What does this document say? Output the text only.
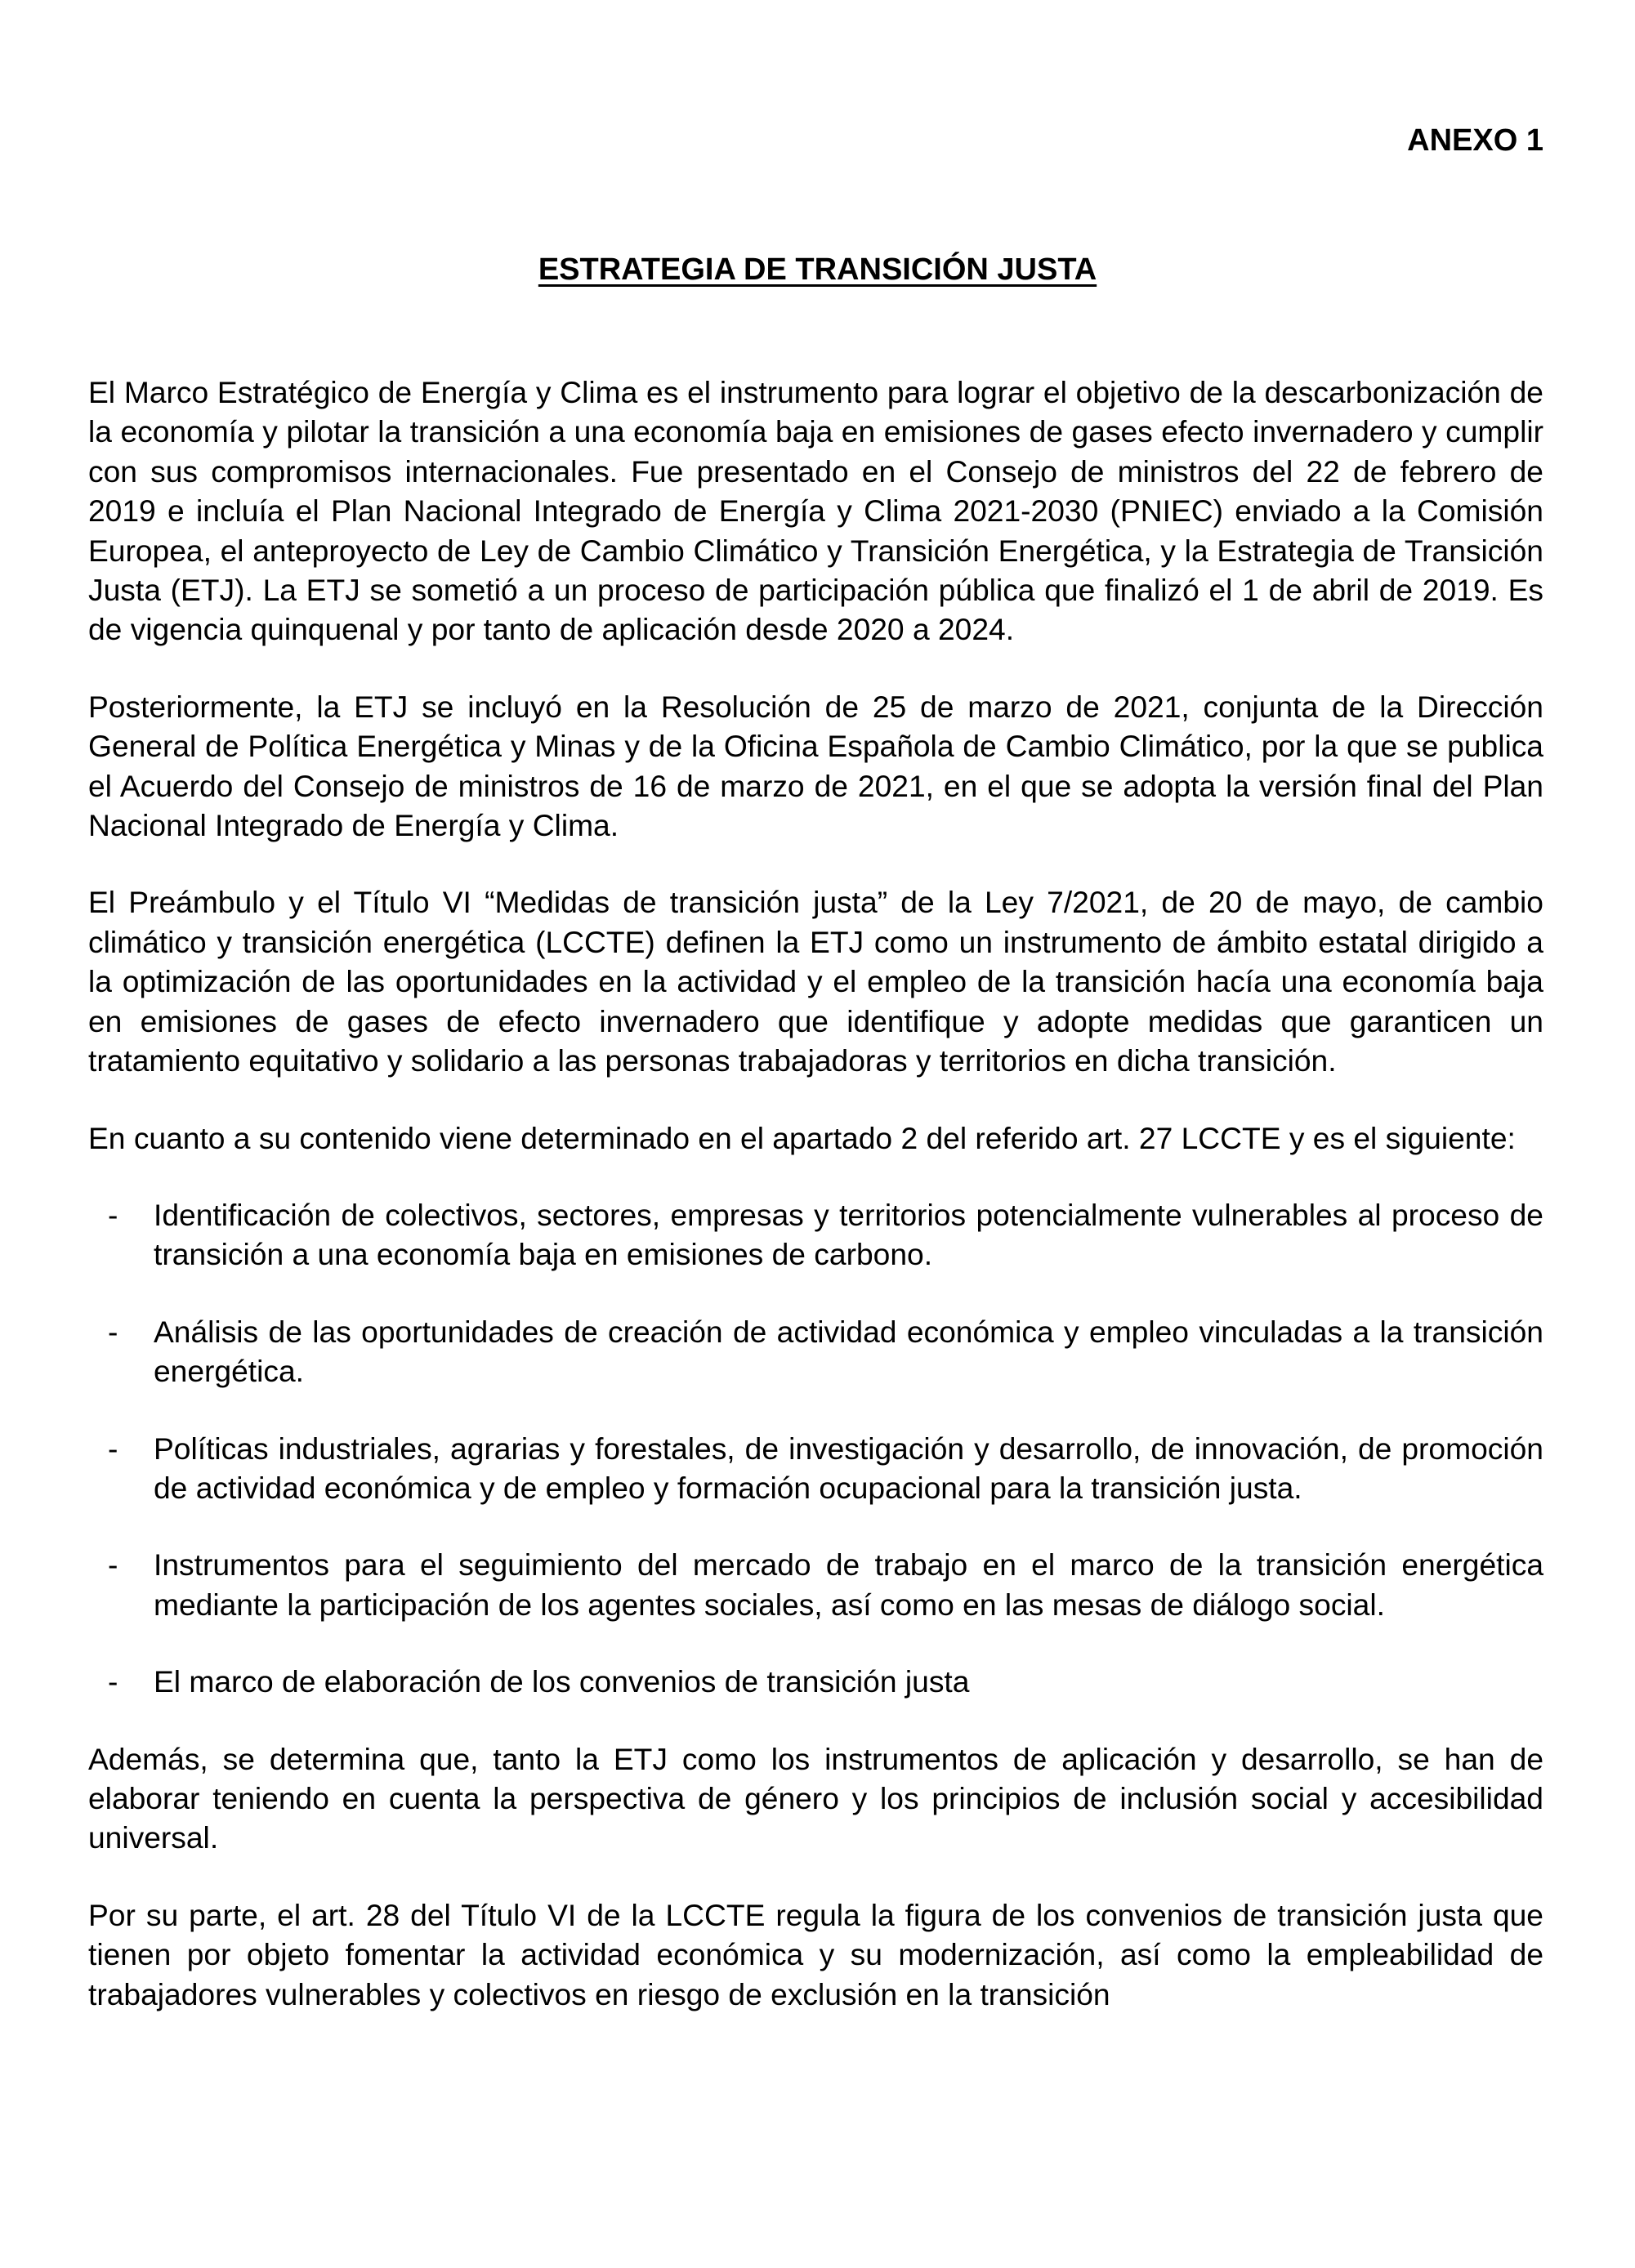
ANEXO 1
ESTRATEGIA DE TRANSICIÓN JUSTA

El Marco Estratégico de Energía y Clima es el instrumento para lograr el objetivo de la descarbonización de la economía y pilotar la transición a una economía baja en emisiones de gases efecto invernadero y cumplir con sus compromisos internacionales. Fue presentado en el Consejo de ministros del 22 de febrero de 2019 e incluía el Plan Nacional Integrado de Energía y Clima 2021-2030 (PNIEC) enviado a la Comisión Europea, el anteproyecto de Ley de Cambio Climático y Transición Energética, y la Estrategia de Transición Justa (ETJ). La ETJ se sometió a un proceso de participación pública que finalizó el 1 de abril de 2019. Es de vigencia quinquenal y por tanto de aplicación desde 2020 a 2024.

Posteriormente, la ETJ se incluyó en la Resolución de 25 de marzo de 2021, conjunta de la Dirección General de Política Energética y Minas y de la Oficina Española de Cambio Climático, por la que se publica el Acuerdo del Consejo de ministros de 16 de marzo de 2021, en el que se adopta la versión final del Plan Nacional Integrado de Energía y Clima.

El Preámbulo y el Título VI “Medidas de transición justa” de la Ley 7/2021, de 20 de mayo, de cambio climático y transición energética (LCCTE) definen la ETJ como un instrumento de ámbito estatal dirigido a la optimización de las oportunidades en la actividad y el empleo de la transición hacía una economía baja en emisiones de gases de efecto invernadero que identifique y adopte medidas que garanticen un tratamiento equitativo y solidario a las personas trabajadoras y territorios en dicha transición.

En cuanto a su contenido viene determinado en el apartado 2 del referido art. 27 LCCTE y es el siguiente:

- Identificación de colectivos, sectores, empresas y territorios potencialmente vulnerables al proceso de transición a una economía baja en emisiones de carbono.
- Análisis de las oportunidades de creación de actividad económica y empleo vinculadas a la transición energética.
- Políticas industriales, agrarias y forestales, de investigación y desarrollo, de innovación, de promoción de actividad económica y de empleo y formación ocupacional para la transición justa.
- Instrumentos para el seguimiento del mercado de trabajo en el marco de la transición energética mediante la participación de los agentes sociales, así como en las mesas de diálogo social.
- El marco de elaboración de los convenios de transición justa

Además, se determina que, tanto la ETJ como los instrumentos de aplicación y desarrollo, se han de elaborar teniendo en cuenta la perspectiva de género y los principios de inclusión social y accesibilidad universal.

Por su parte, el art. 28 del Título VI de la LCCTE regula la figura de los convenios de transición justa que tienen por objeto fomentar la actividad económica y su modernización, así como la empleabilidad de trabajadores vulnerables y colectivos en riesgo de exclusión en la transición
